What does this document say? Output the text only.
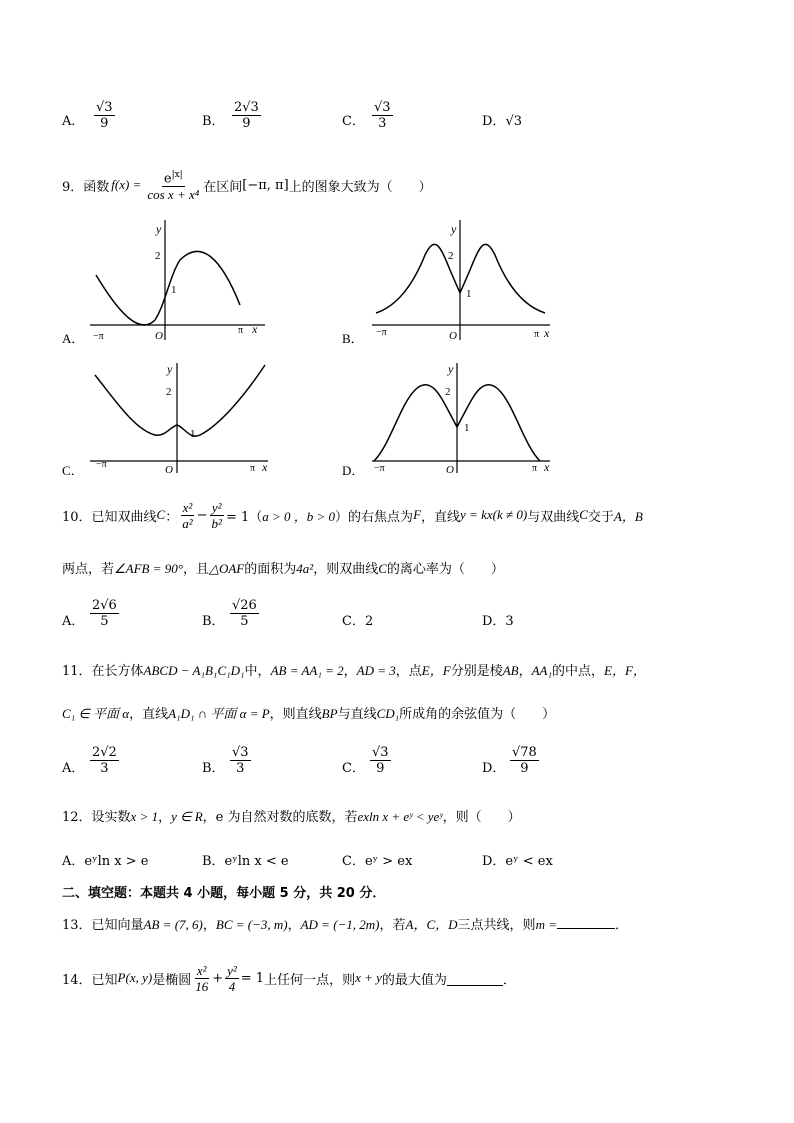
A． $\frac{√3}{9}$	B． $\frac{2√3}{9}$	C． $\frac{√3}{3}$	D．√3
9．函数 $f(x) = \frac{e^{|x|}}{\text{cos x + x⁴}}$ 在区间 [−π, π] 上的图象大致为（　　）
A．
y
x
2
1
O
−π
π
B．
y
x
2
1
O
−π	π
C．
y
x
2
1
O
−π	π	D．
y
x
2
1
O
−π	π
10．已知双曲线 C ： $\frac{\text{x²}}{\text{a²}} - \frac{\text{y²}}{\text{b²}} = 1$（ a > 0 ，b > 0 ）的右焦点为 F ，直线 y = kx(k ≠ 0) 与双曲线 C 交于 A，B
两点，若∠AFB = 90°，且△OAF的面积为4a²，则双曲线C的离心率为（　　）
A． $\frac{2√6}{5}$	B． $\frac{√26}{5}$	C．2	D．3
11．在长方体ABCD − A₁B₁C₁D₁中，AB = AA₁ = 2，AD = 3，点E，F分别是棱AB，AA₁的中点，E，F，
C₁ ∈ 平面 α，直线A₁D₁ ∩ 平面 α = P，则直线BP与直线CD₁所成角的余弦值为（　　）
A． $\frac{2√2}{3}$	B． $\frac{√3}{3}$	C． $\frac{√3}{9}$	D． $\frac{√78}{9}$
12．设实数x > 1，y ∈ R，e 为自然对数的底数，若exln x + eʸ < yeʸ，则（　　）
A．eʸln x > e	B．eʸln x < e	C．eʸ > ex	D．eʸ < ex
二、填空题：本题共 4 小题，每小题 5 分，共 20 分．
13．已知向量AB = (7, 6)，BC = (−3, m)，AD = (−1, 2m)，若A，C，D三点共线，则m =	．
14．已知 P(x, y) 是椭圆 $\frac{\text{x²}}{16} + \frac{\text{y²}}{4} = 1$ 上任何一点，则 x + y 的最大值为	．
